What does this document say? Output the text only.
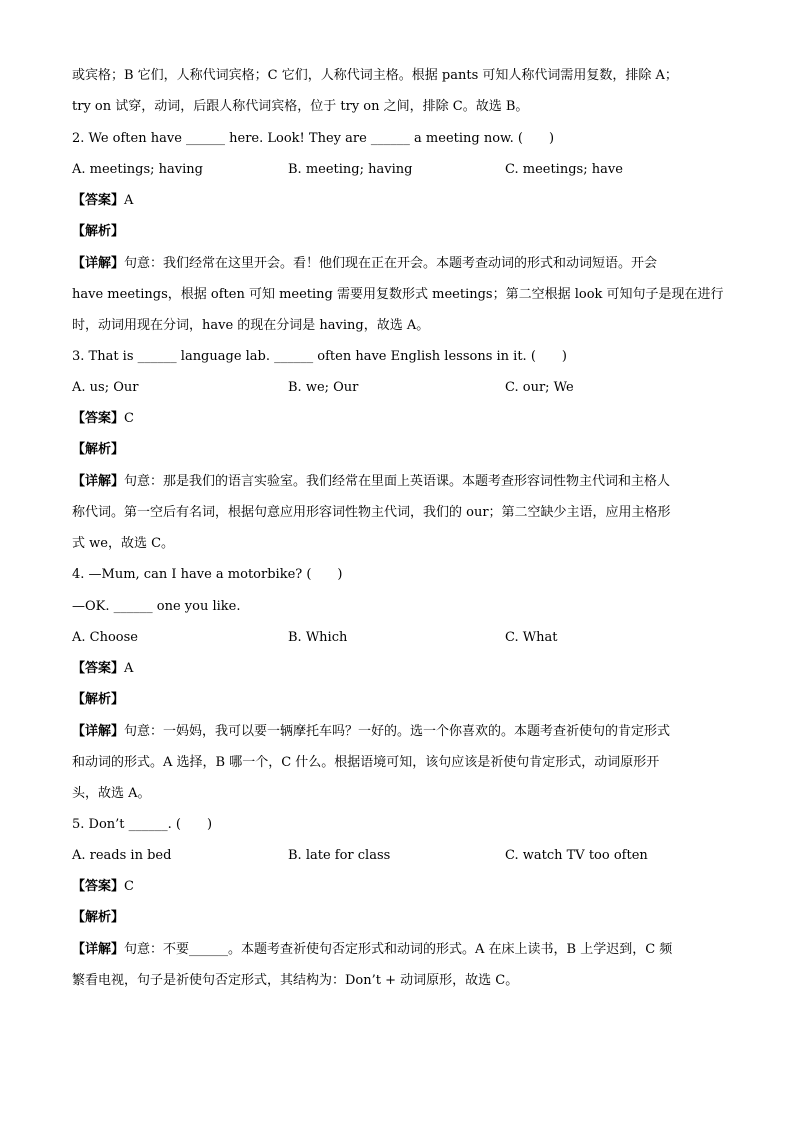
或宾格；B 它们，人称代词宾格；C 它们，人称代词主格。根据 pants 可知人称代词需用复数，排除 A；
try on 试穿，动词，后跟人称代词宾格，位于 try on 之间，排除 C。故选 B。
2. We often have ______ here. Look! They are ______ a meeting now. (　　)
A. meetings; having	B. meeting; having	C. meetings; have
【答案】A
【解析】
【详解】句意：我们经常在这里开会。看！他们现在正在开会。本题考查动词的形式和动词短语。开会
have meetings，根据 often 可知 meeting 需要用复数形式 meetings；第二空根据 look 可知句子是现在进行
时，动词用现在分词，have 的现在分词是 having，故选 A。
3. That is ______ language lab. ______ often have English lessons in it. (　　)
A. us; Our	B. we; Our	C. our; We
【答案】C
【解析】
【详解】句意：那是我们的语言实验室。我们经常在里面上英语课。本题考查形容词性物主代词和主格人
称代词。第一空后有名词，根据句意应用形容词性物主代词，我们的 our；第二空缺少主语，应用主格形
式 we，故选 C。
4. —Mum, can I have a motorbike? (　　)
—OK. ______ one you like.
A. Choose	B. Which	C. What
【答案】A
【解析】
【详解】句意：一妈妈，我可以要一辆摩托车吗？一好的。选一个你喜欢的。本题考查祈使句的肯定形式
和动词的形式。A 选择，B 哪一个，C 什么。根据语境可知，该句应该是祈使句肯定形式，动词原形开
头，故选 A。
5. Don’t ______. (　　)
A. reads in bed	B. late for class	C. watch TV too often
【答案】C
【解析】
【详解】句意：不要______。本题考查祈使句否定形式和动词的形式。A 在床上读书，B 上学迟到，C 频
繁看电视，句子是祈使句否定形式，其结构为：Don’t + 动词原形，故选 C。
